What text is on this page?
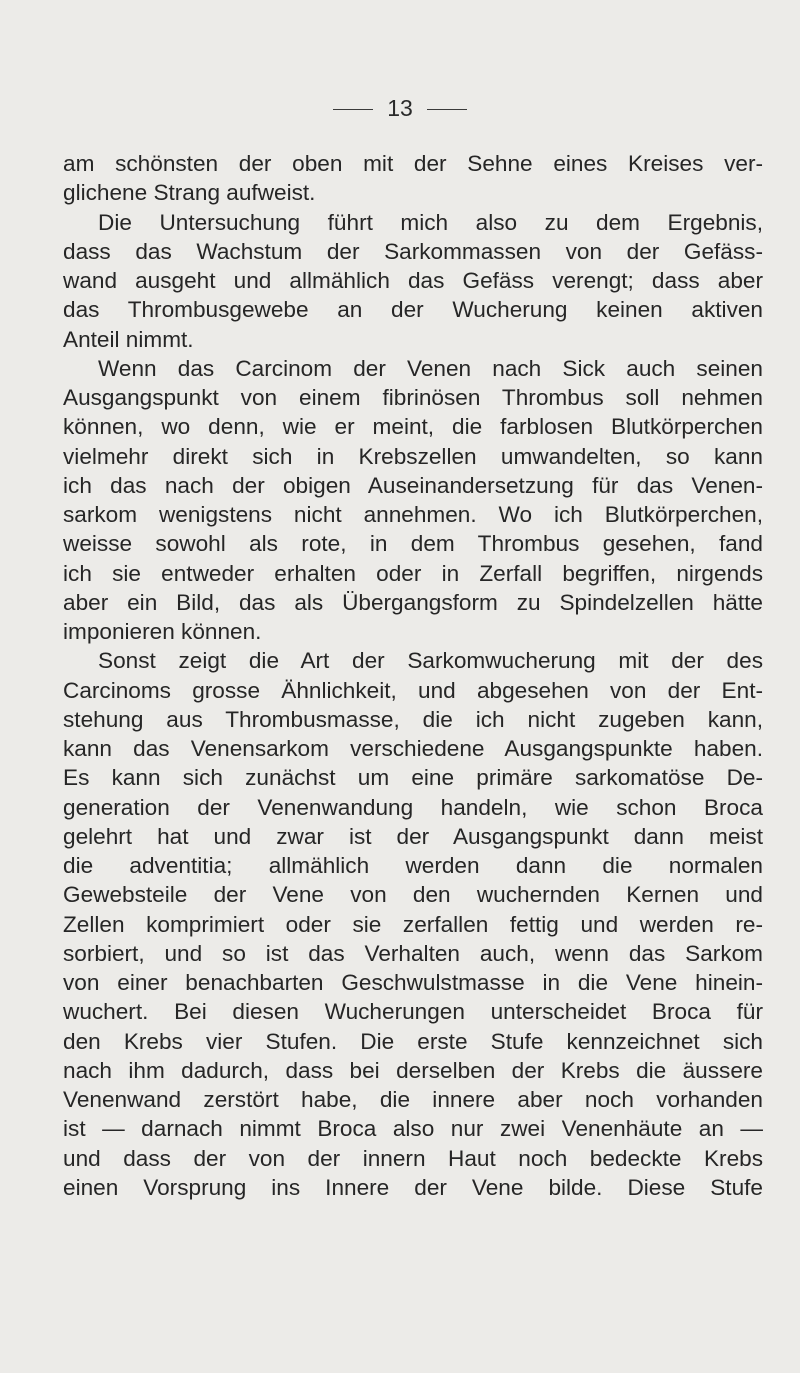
13
am schönsten der oben mit der Sehne eines Kreises ver-
glichene Strang aufweist.
Die Untersuchung führt mich also zu dem Ergebnis,
dass das Wachstum der Sarkommassen von der Gefäss-
wand ausgeht und allmählich das Gefäss verengt; dass aber
das Thrombusgewebe an der Wucherung keinen aktiven
Anteil nimmt.
Wenn das Carcinom der Venen nach Sick auch seinen
Ausgangspunkt von einem fibrinösen Thrombus soll nehmen
können, wo denn, wie er meint, die farblosen Blutkörperchen
vielmehr direkt sich in Krebszellen umwandelten, so kann
ich das nach der obigen Auseinandersetzung für das Venen-
sarkom wenigstens nicht annehmen. Wo ich Blutkörperchen,
weisse sowohl als rote, in dem Thrombus gesehen, fand
ich sie entweder erhalten oder in Zerfall begriffen, nirgends
aber ein Bild, das als Übergangsform zu Spindelzellen hätte
imponieren können.
Sonst zeigt die Art der Sarkomwucherung mit der des
Carcinoms grosse Ähnlichkeit, und abgesehen von der Ent-
stehung aus Thrombusmasse, die ich nicht zugeben kann,
kann das Venensarkom verschiedene Ausgangspunkte haben.
Es kann sich zunächst um eine primäre sarkomatöse De-
generation der Venenwandung handeln, wie schon Broca
gelehrt hat und zwar ist der Ausgangspunkt dann meist
die adventitia; allmählich werden dann die normalen
Gewebsteile der Vene von den wuchernden Kernen und
Zellen komprimiert oder sie zerfallen fettig und werden re-
sorbiert, und so ist das Verhalten auch, wenn das Sarkom
von einer benachbarten Geschwulstmasse in die Vene hinein-
wuchert. Bei diesen Wucherungen unterscheidet Broca für
den Krebs vier Stufen. Die erste Stufe kennzeichnet sich
nach ihm dadurch, dass bei derselben der Krebs die äussere
Venenwand zerstört habe, die innere aber noch vorhanden
ist — darnach nimmt Broca also nur zwei Venenhäute an —
und dass der von der innern Haut noch bedeckte Krebs
einen Vorsprung ins Innere der Vene bilde. Diese Stufe
